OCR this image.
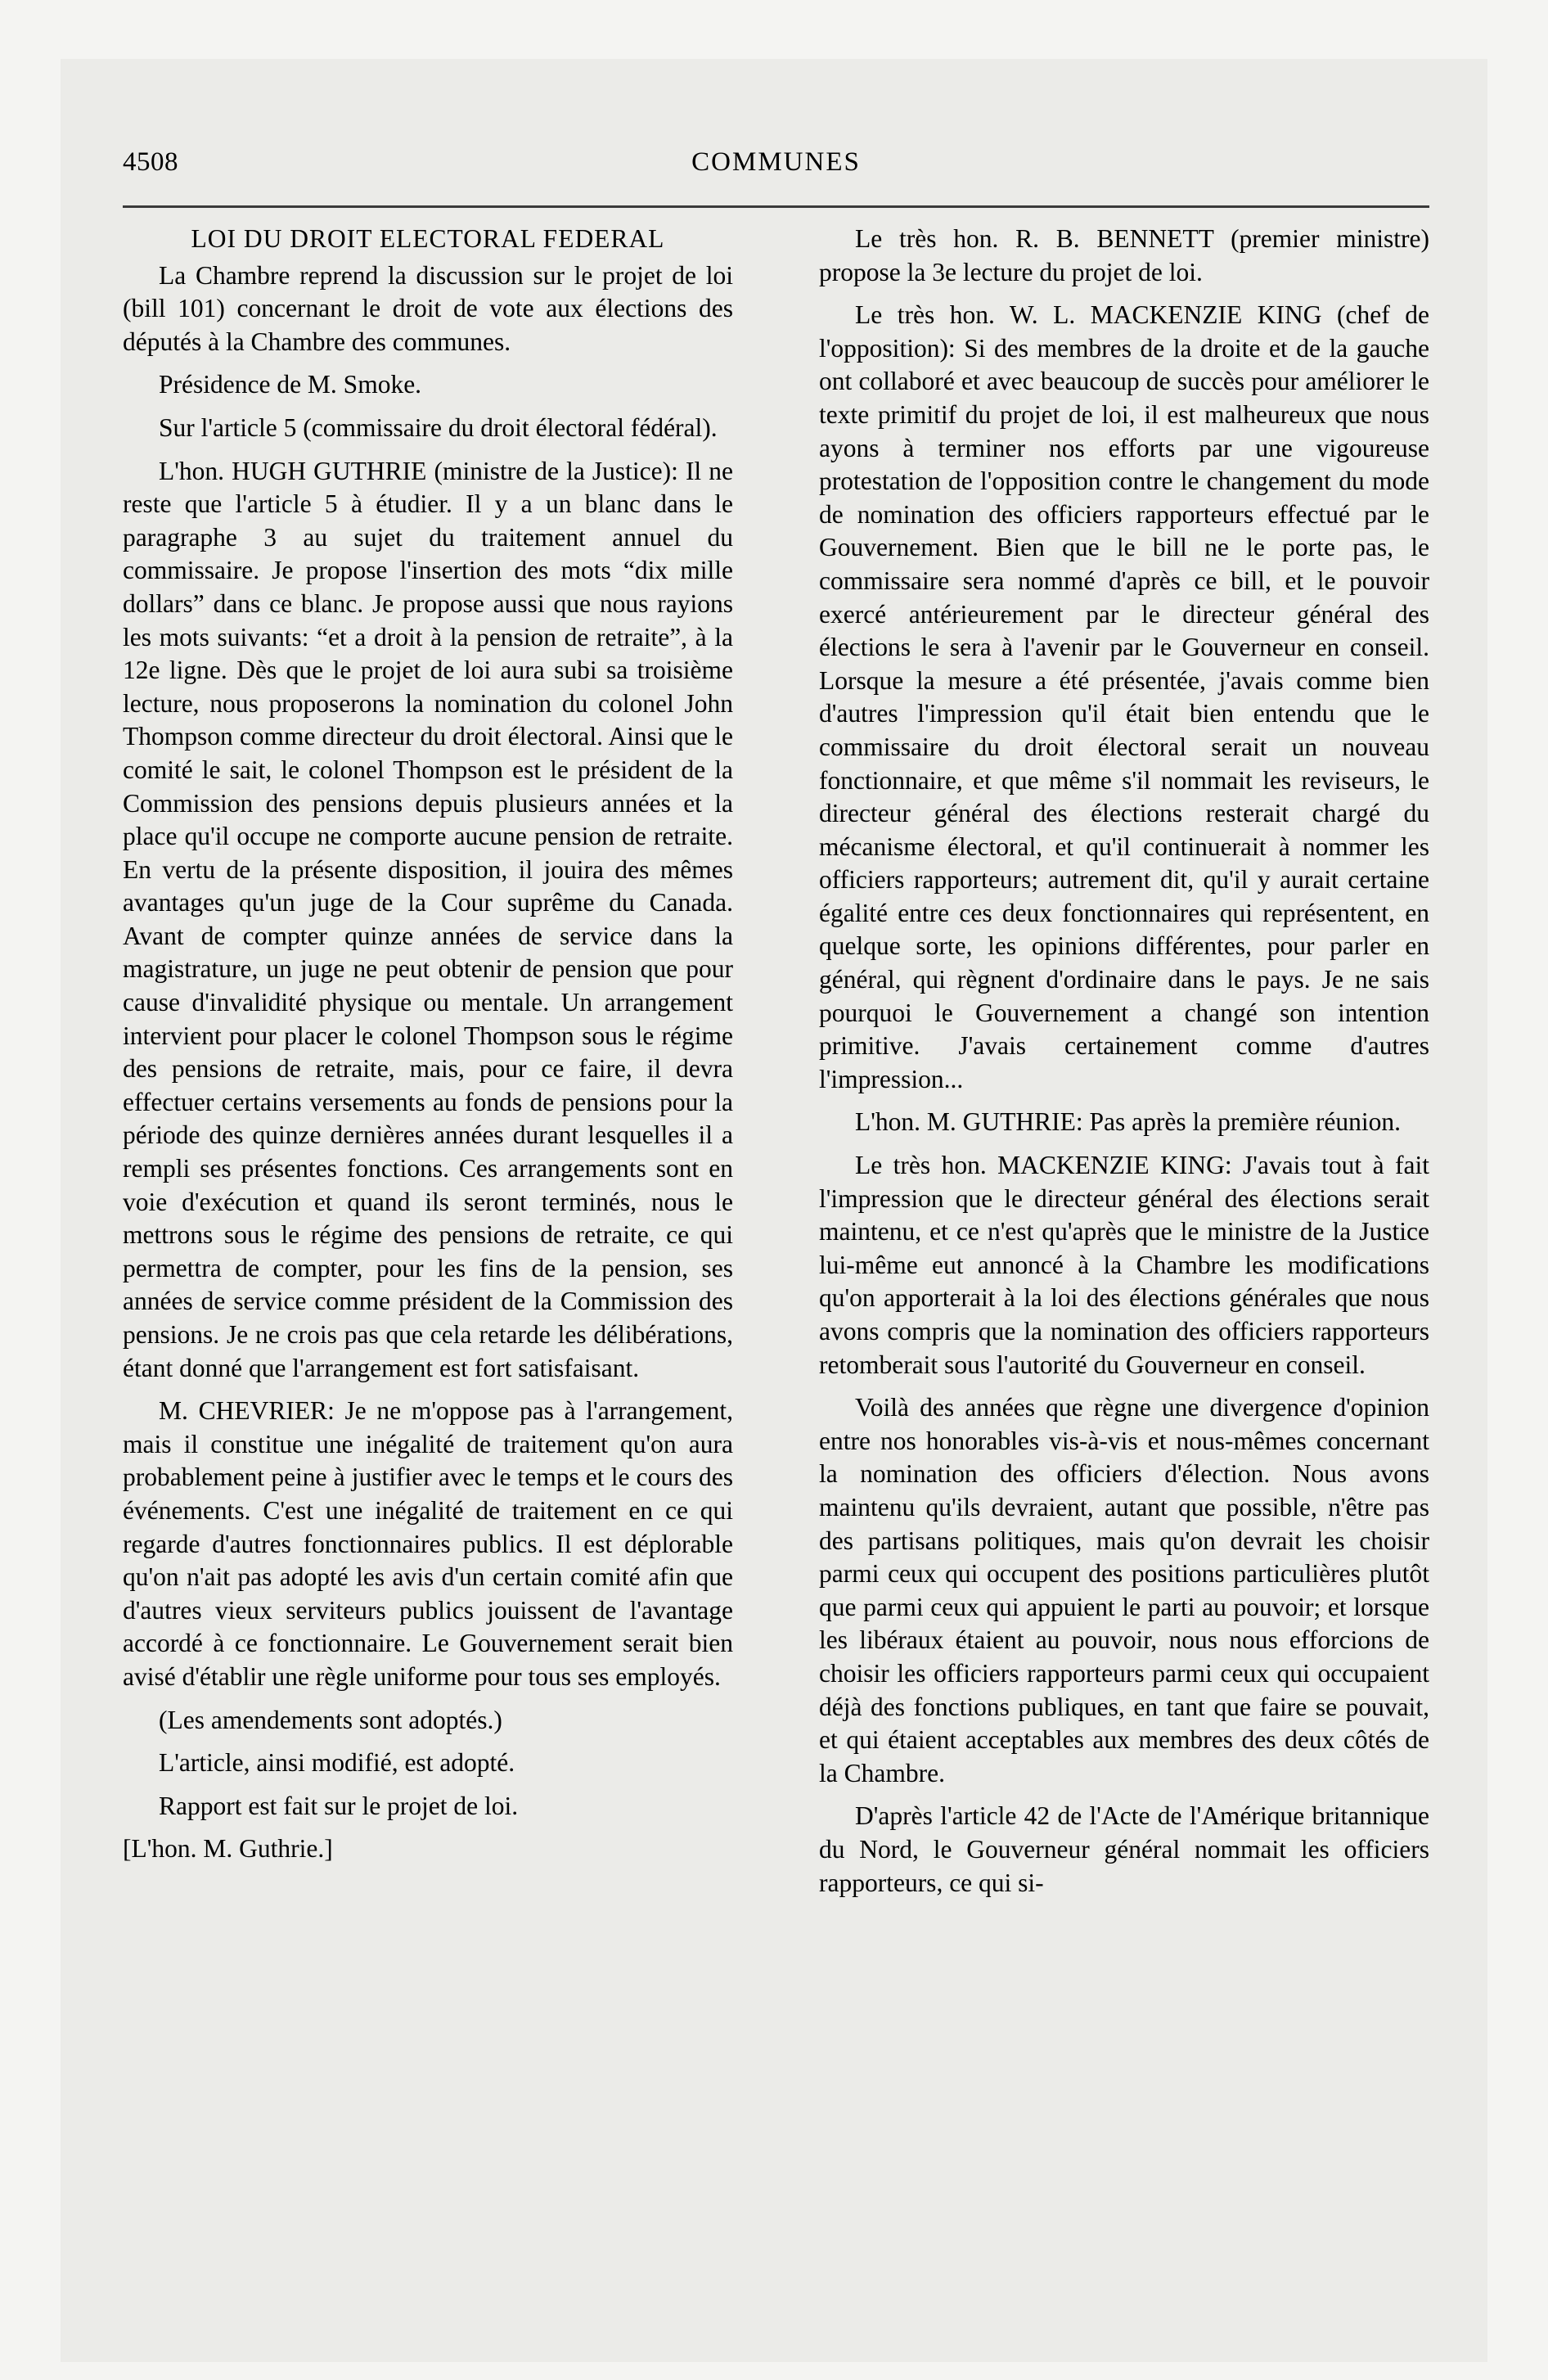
4508	COMMUNES

LOI DU DROIT ELECTORAL FEDERAL

La Chambre reprend la discussion sur le projet de loi (bill 101) concernant le droit de vote aux élections des députés à la Chambre des communes.

Présidence de M. Smoke.

Sur l'article 5 (commissaire du droit électoral fédéral).

L'hon. HUGH GUTHRIE (ministre de la Justice): Il ne reste que l'article 5 à étudier. Il y a un blanc dans le paragraphe 3 au sujet du traitement annuel du commissaire. Je propose l'insertion des mots “dix mille dollars” dans ce blanc. Je propose aussi que nous rayions les mots suivants: “et a droit à la pension de retraite”, à la 12e ligne. Dès que le projet de loi aura subi sa troisième lecture, nous proposerons la nomination du colonel John Thompson comme directeur du droit électoral. Ainsi que le comité le sait, le colonel Thompson est le président de la Commission des pensions depuis plusieurs années et la place qu'il occupe ne comporte aucune pension de retraite. En vertu de la présente disposition, il jouira des mêmes avantages qu'un juge de la Cour suprême du Canada. Avant de compter quinze années de service dans la magistrature, un juge ne peut obtenir de pension que pour cause d'invalidité physique ou mentale. Un arrangement intervient pour placer le colonel Thompson sous le régime des pensions de retraite, mais, pour ce faire, il devra effectuer certains versements au fonds de pensions pour la période des quinze dernières années durant lesquelles il a rempli ses présentes fonctions. Ces arrangements sont en voie d'exécution et quand ils seront terminés, nous le mettrons sous le régime des pensions de retraite, ce qui permettra de compter, pour les fins de la pension, ses années de service comme président de la Commission des pensions. Je ne crois pas que cela retarde les délibérations, étant donné que l'arrangement est fort satisfaisant.

M. CHEVRIER: Je ne m'oppose pas à l'arrangement, mais il constitue une inégalité de traitement qu'on aura probablement peine à justifier avec le temps et le cours des événements. C'est une inégalité de traitement en ce qui regarde d'autres fonctionnaires publics. Il est déplorable qu'on n'ait pas adopté les avis d'un certain comité afin que d'autres vieux serviteurs publics jouissent de l'avantage accordé à ce fonctionnaire. Le Gouvernement serait bien avisé d'établir une règle uniforme pour tous ses employés.

(Les amendements sont adoptés.)

L'article, ainsi modifié, est adopté.

Rapport est fait sur le projet de loi.

[L'hon. M. Guthrie.]

Le très hon. R. B. BENNETT (premier ministre) propose la 3e lecture du projet de loi.

Le très hon. W. L. MACKENZIE KING (chef de l'opposition): Si des membres de la droite et de la gauche ont collaboré et avec beaucoup de succès pour améliorer le texte primitif du projet de loi, il est malheureux que nous ayons à terminer nos efforts par une vigoureuse protestation de l'opposition contre le changement du mode de nomination des officiers rapporteurs effectué par le Gouvernement. Bien que le bill ne le porte pas, le commissaire sera nommé d'après ce bill, et le pouvoir exercé antérieurement par le directeur général des élections le sera à l'avenir par le Gouverneur en conseil. Lorsque la mesure a été présentée, j'avais comme bien d'autres l'impression qu'il était bien entendu que le commissaire du droit électoral serait un nouveau fonctionnaire, et que même s'il nommait les reviseurs, le directeur général des élections resterait chargé du mécanisme électoral, et qu'il continuerait à nommer les officiers rapporteurs; autrement dit, qu'il y aurait certaine égalité entre ces deux fonctionnaires qui représentent, en quelque sorte, les opinions différentes, pour parler en général, qui règnent d'ordinaire dans le pays. Je ne sais pourquoi le Gouvernement a changé son intention primitive. J'avais certainement comme d'autres l'impression...

L'hon. M. GUTHRIE: Pas après la première réunion.

Le très hon. MACKENZIE KING: J'avais tout à fait l'impression que le directeur général des élections serait maintenu, et ce n'est qu'après que le ministre de la Justice lui-même eut annoncé à la Chambre les modifications qu'on apporterait à la loi des élections générales que nous avons compris que la nomination des officiers rapporteurs retomberait sous l'autorité du Gouverneur en conseil.

Voilà des années que règne une divergence d'opinion entre nos honorables vis-à-vis et nous-mêmes concernant la nomination des officiers d'élection. Nous avons maintenu qu'ils devraient, autant que possible, n'être pas des partisans politiques, mais qu'on devrait les choisir parmi ceux qui occupent des positions particulières plutôt que parmi ceux qui appuient le parti au pouvoir; et lorsque les libéraux étaient au pouvoir, nous nous efforcions de choisir les officiers rapporteurs parmi ceux qui occupaient déjà des fonctions publiques, en tant que faire se pouvait, et qui étaient acceptables aux membres des deux côtés de la Chambre.

D'après l'article 42 de l'Acte de l'Amérique britannique du Nord, le Gouverneur général nommait les officiers rapporteurs, ce qui si-
